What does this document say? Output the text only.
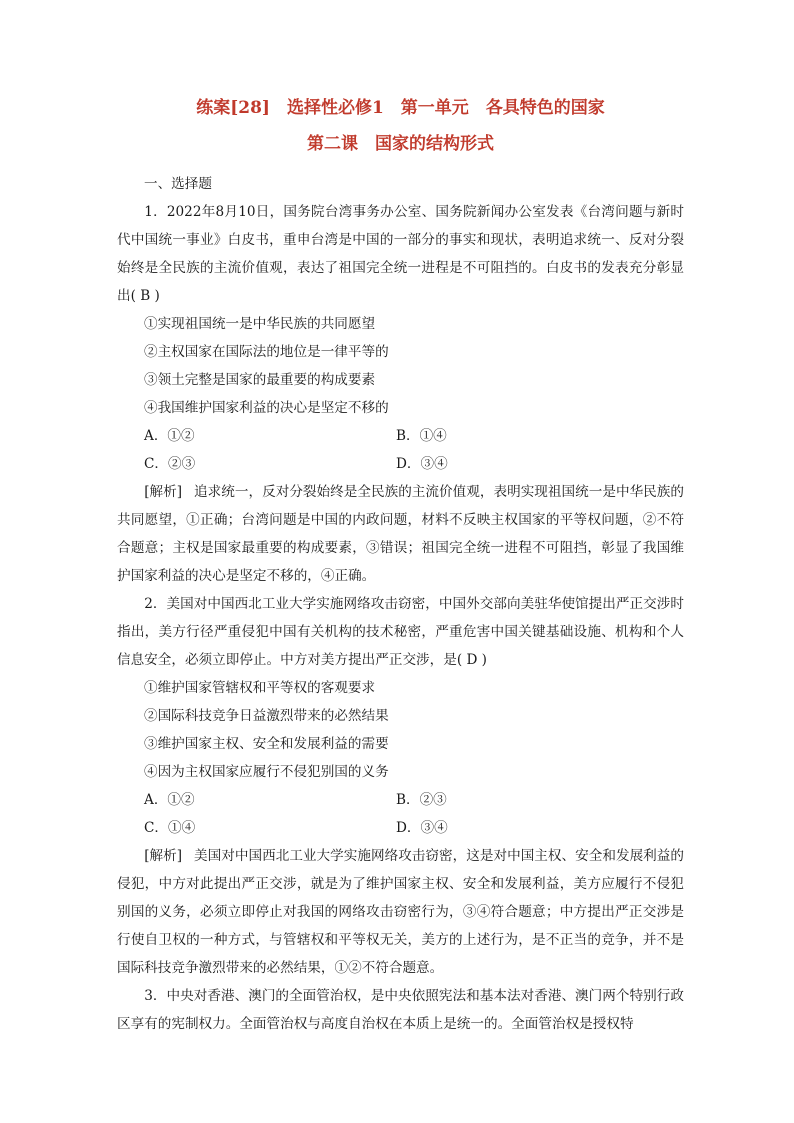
练案[28]　选择性必修1　第一单元　各具特色的国家
第二课　国家的结构形式

一、选择题

1．2022年8月10日，国务院台湾事务办公室、国务院新闻办公室发表《台湾问题与新时代中国统一事业》白皮书，重申台湾是中国的一部分的事实和现状，表明追求统一、反对分裂始终是全民族的主流价值观，表达了祖国完全统一进程是不可阻挡的。白皮书的发表充分彰显出( B )

①实现祖国统一是中华民族的共同愿望

②主权国家在国际法的地位是一律平等的

③领土完整是国家的最重要的构成要素

④我国维护国家利益的决心是坚定不移的

A．①②	B．①④
C．②③	D．③④

[解析] 追求统一，反对分裂始终是全民族的主流价值观，表明实现祖国统一是中华民族的共同愿望，①正确；台湾问题是中国的内政问题，材料不反映主权国家的平等权问题，②不符合题意；主权是国家最重要的构成要素，③错误；祖国完全统一进程不可阻挡，彰显了我国维护国家利益的决心是坚定不移的，④正确。

2．美国对中国西北工业大学实施网络攻击窃密，中国外交部向美驻华使馆提出严正交涉时指出，美方行径严重侵犯中国有关机构的技术秘密，严重危害中国关键基础设施、机构和个人信息安全，必须立即停止。中方对美方提出严正交涉，是( D )

①维护国家管辖权和平等权的客观要求

②国际科技竞争日益激烈带来的必然结果

③维护国家主权、安全和发展利益的需要

④因为主权国家应履行不侵犯别国的义务

A．①②	B．②③
C．①④	D．③④

[解析] 美国对中国西北工业大学实施网络攻击窃密，这是对中国主权、安全和发展利益的侵犯，中方对此提出严正交涉，就是为了维护国家主权、安全和发展利益，美方应履行不侵犯别国的义务，必须立即停止对我国的网络攻击窃密行为，③④符合题意；中方提出严正交涉是行使自卫权的一种方式，与管辖权和平等权无关，美方的上述行为，是不正当的竞争，并不是国际科技竞争激烈带来的必然结果，①②不符合题意。

3．中央对香港、澳门的全面管治权，是中央依照宪法和基本法对香港、澳门两个特别行政区享有的宪制权力。全面管治权与高度自治权在本质上是统一的。全面管治权是授权特
